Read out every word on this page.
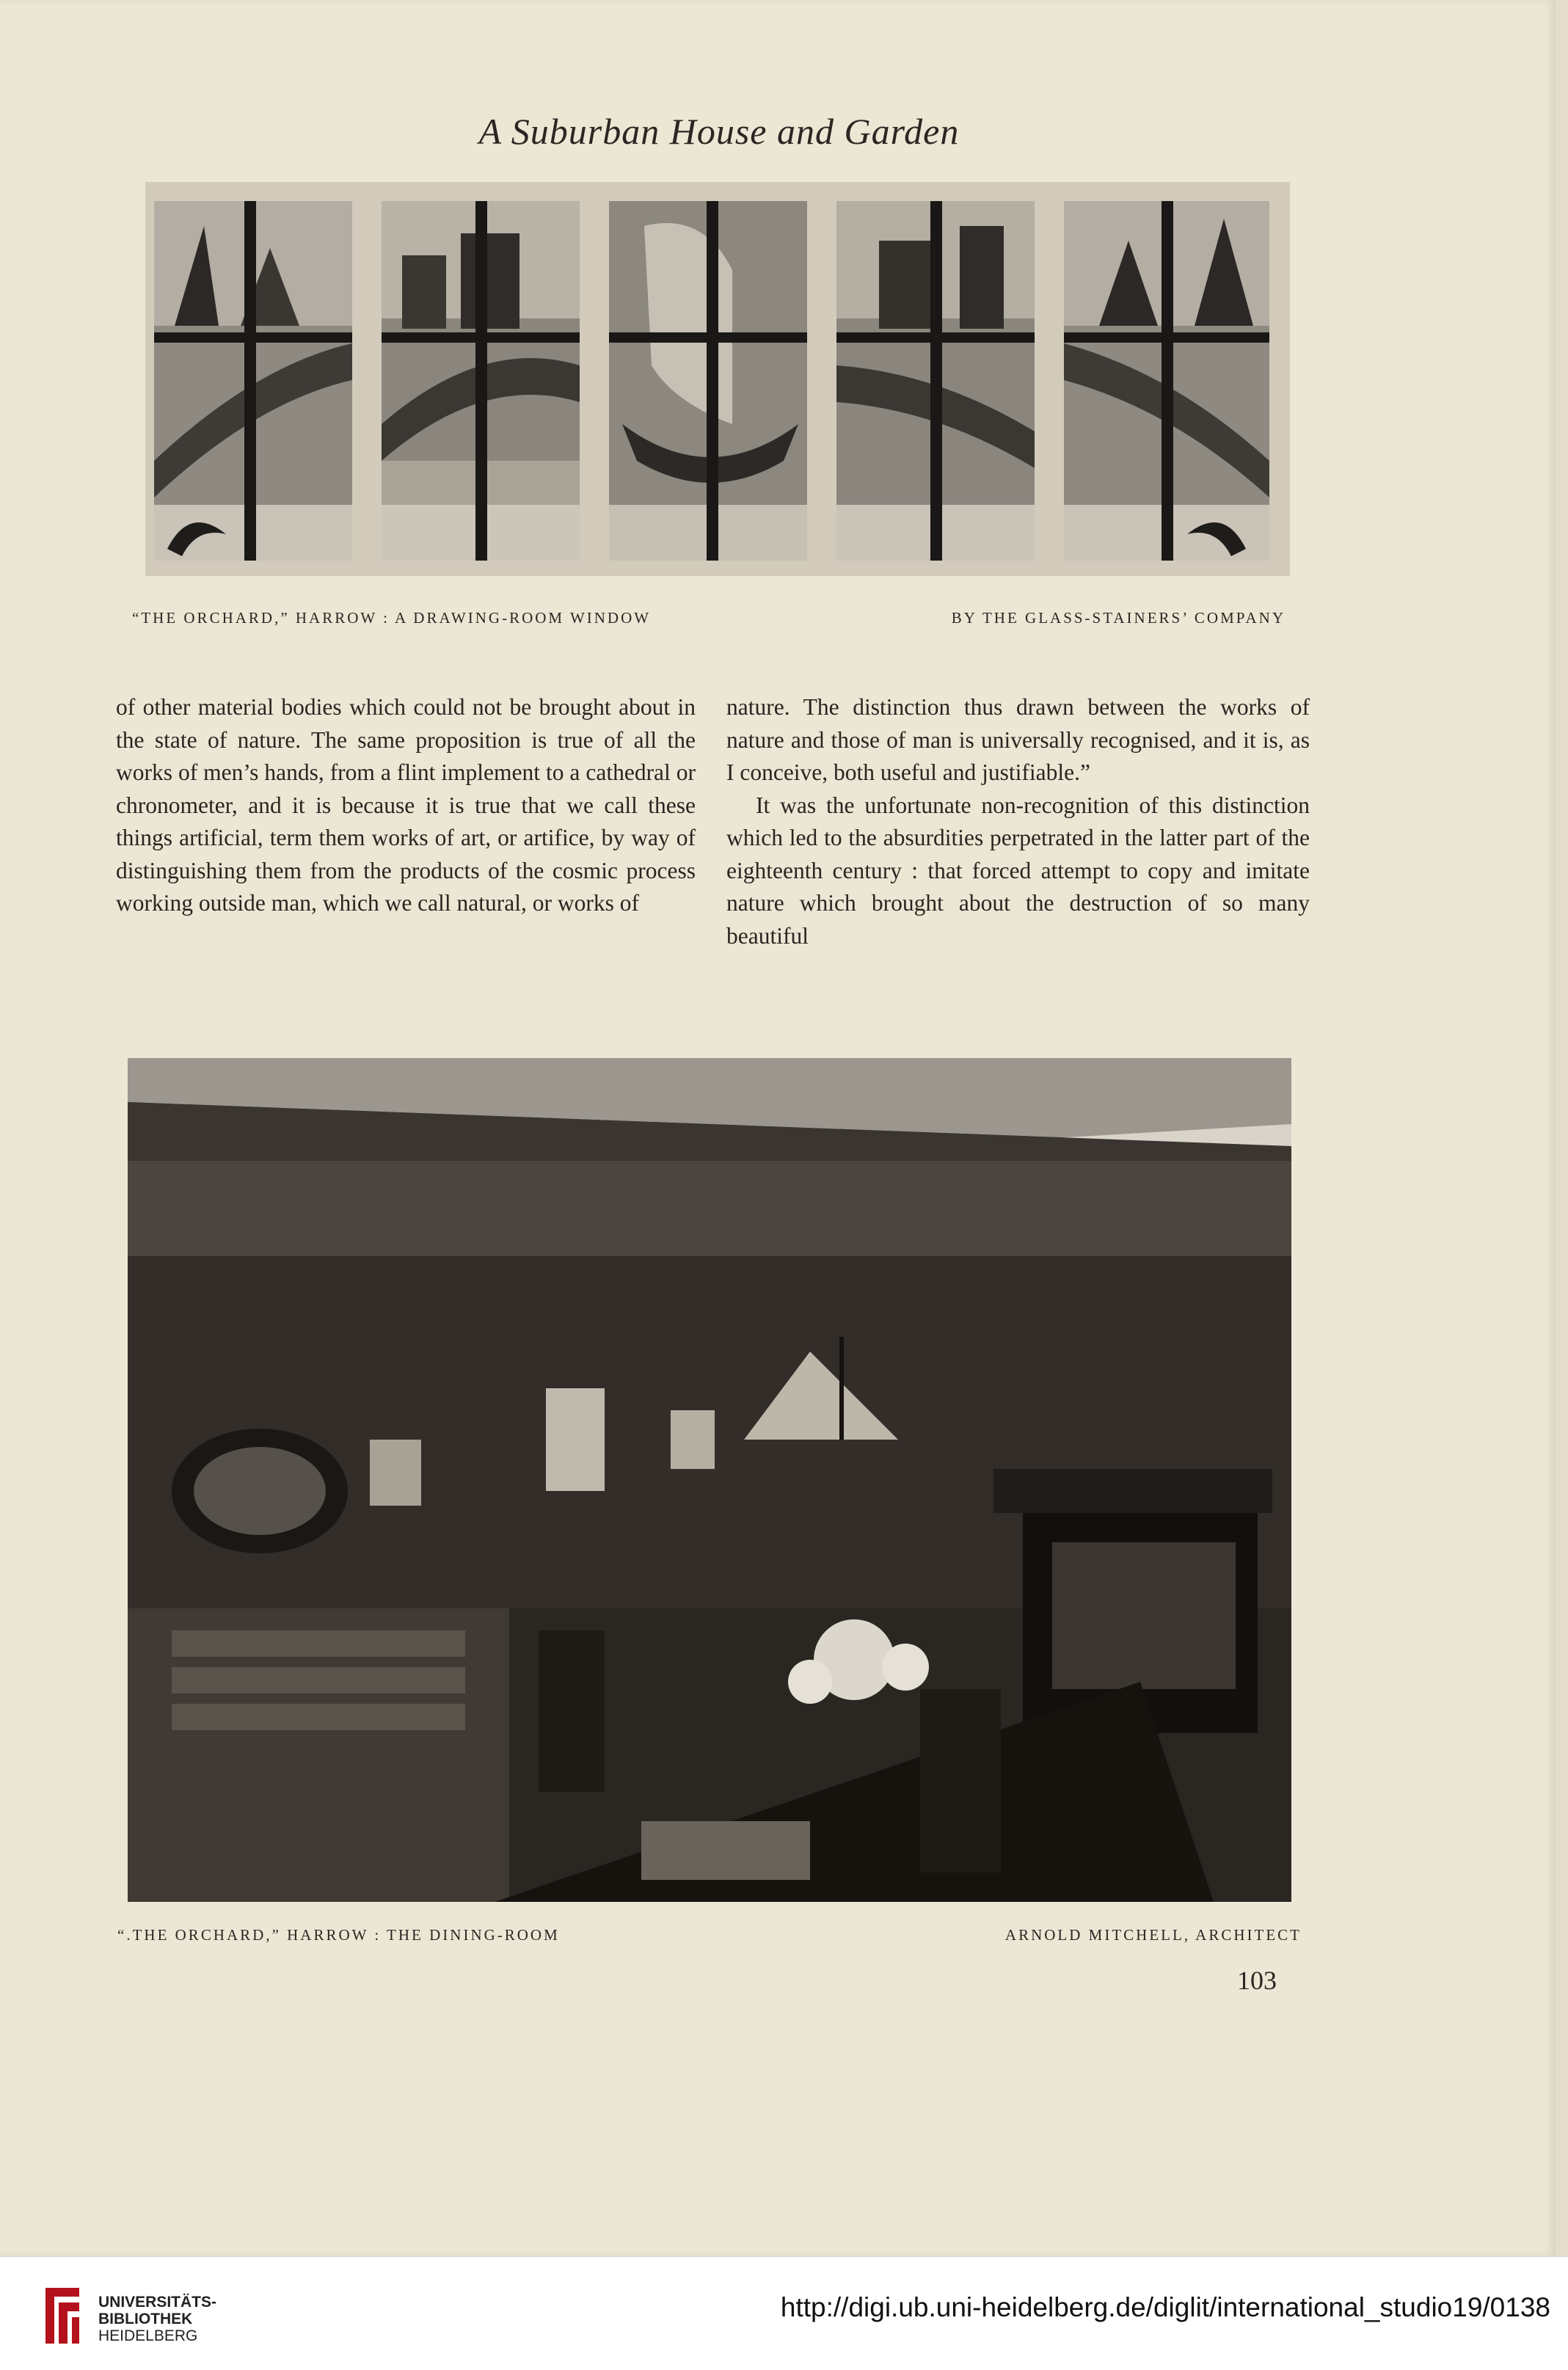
A Suburban House and Garden
“THE ORCHARD,” HARROW : A DRAWING-ROOM WINDOW	BY THE GLASS-STAINERS’ COMPANY

of other material bodies which could not be brought about in the state of nature. The same proposition is true of all the works of men’s hands, from a flint implement to a cathedral or chronometer, and it is because it is true that we call these things artificial, term them works of art, or artifice, by way of distinguishing them from the products of the cosmic process working outside man, which we call natural, or works of

nature. The distinction thus drawn between the works of nature and those of man is universally recognised, and it is, as I conceive, both useful and justifiable.”

It was the unfortunate non-recognition of this distinction which led to the absurdities perpetrated in the latter part of the eighteenth century : that forced attempt to copy and imitate nature which brought about the destruction of so many beautiful

“.THE ORCHARD,” HARROW : THE DINING-ROOM	ARNOLD MITCHELL, ARCHITECT
103
UNIVERSITÄTS-
BIBLIOTHEK
HEIDELBERG
http://digi.ub.uni-heidelberg.de/diglit/international_studio19/0138
